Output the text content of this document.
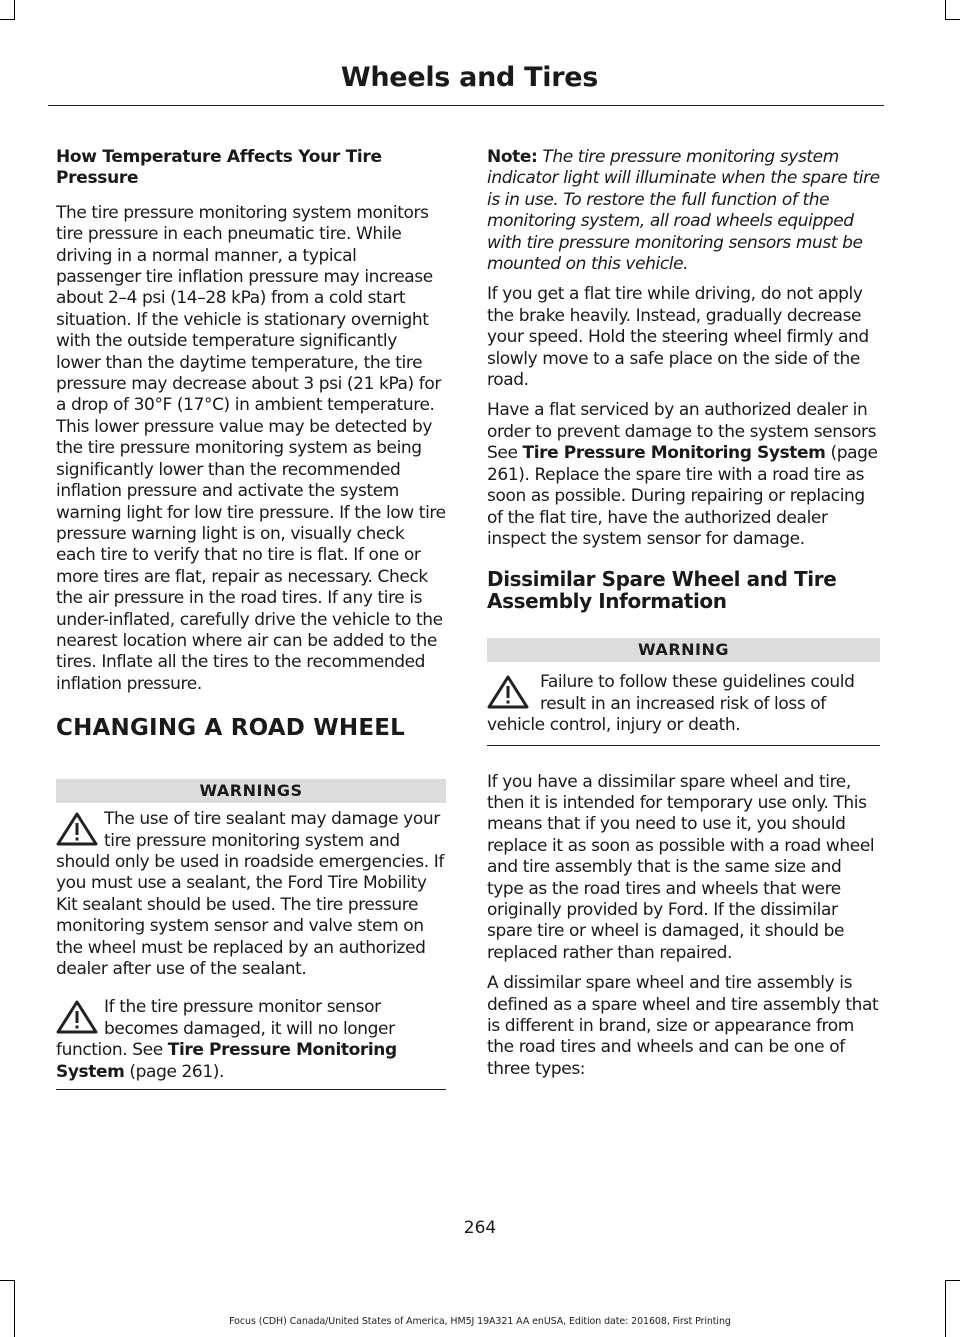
Wheels and Tires
How Temperature Affects Your Tire Pressure

The tire pressure monitoring system monitors tire pressure in each pneumatic tire. While driving in a normal manner, a typical passenger tire inflation pressure may increase about 2–4 psi (14–28 kPa) from a cold start situation. If the vehicle is stationary overnight with the outside temperature significantly lower than the daytime temperature, the tire pressure may decrease about 3 psi (21 kPa) for a drop of 30°F (17°C) in ambient temperature. This lower pressure value may be detected by the tire pressure monitoring system as being significantly lower than the recommended inflation pressure and activate the system warning light for low tire pressure. If the low tire pressure warning light is on, visually check each tire to verify that no tire is flat. If one or more tires are flat, repair as necessary. Check the air pressure in the road tires. If any tire is under-inflated, carefully drive the vehicle to the nearest location where air can be added to the tires. Inflate all the tires to the recommended inflation pressure.

CHANGING A ROAD WHEEL
WARNINGS

The use of tire sealant may damage your tire pressure monitoring system and should only be used in roadside emergencies. If you must use a sealant, the Ford Tire Mobility Kit sealant should be used. The tire pressure monitoring system sensor and valve stem on the wheel must be replaced by an authorized dealer after use of the sealant.

If the tire pressure monitor sensor becomes damaged, it will no longer function. See Tire Pressure Monitoring System (page 261).

Note: The tire pressure monitoring system indicator light will illuminate when the spare tire is in use. To restore the full function of the monitoring system, all road wheels equipped with tire pressure monitoring sensors must be mounted on this vehicle.

If you get a flat tire while driving, do not apply the brake heavily. Instead, gradually decrease your speed. Hold the steering wheel firmly and slowly move to a safe place on the side of the road.

Have a flat serviced by an authorized dealer in order to prevent damage to the system sensors See Tire Pressure Monitoring System (page 261). Replace the spare tire with a road tire as soon as possible. During repairing or replacing of the flat tire, have the authorized dealer inspect the system sensor for damage.

Dissimilar Spare Wheel and Tire Assembly Information
WARNING

Failure to follow these guidelines could result in an increased risk of loss of vehicle control, injury or death.

If you have a dissimilar spare wheel and tire, then it is intended for temporary use only. This means that if you need to use it, you should replace it as soon as possible with a road wheel and tire assembly that is the same size and type as the road tires and wheels that were originally provided by Ford. If the dissimilar spare tire or wheel is damaged, it should be replaced rather than repaired.

A dissimilar spare wheel and tire assembly is defined as a spare wheel and tire assembly that is different in brand, size or appearance from the road tires and wheels and can be one of three types:

264
Focus (CDH) Canada/United States of America, HM5J 19A321 AA enUSA, Edition date: 201608, First Printing
